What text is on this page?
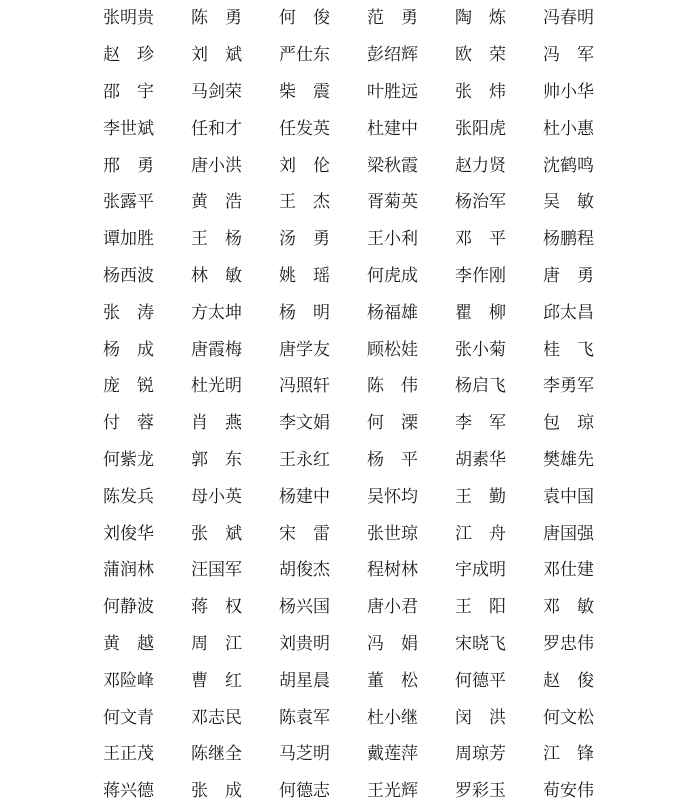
张明贵 陈 勇 何 俊 范 勇 陶 炼 冯春明
赵 珍 刘 斌 严仕东 彭绍辉 欧 荣 冯 军
邵 宇 马剑荣 柴 震 叶胜远 张 炜 帅小华
李世斌 任和才 任发英 杜建中 张阳虎 杜小惠
邢 勇 唐小洪 刘 伦 梁秋霞 赵力贤 沈鹤鸣
张露平 黄 浩 王 杰 胥菊英 杨治军 吴 敏
谭加胜 王 杨 汤 勇 王小利 邓 平 杨鹏程
杨西波 林 敏 姚 瑶 何虎成 李作刚 唐 勇
张 涛 方太坤 杨 明 杨福雄 瞿 柳 邱太昌
杨 成 唐霞梅 唐学友 顾松娃 张小菊 桂 飞
庞 锐 杜光明 冯照轩 陈 伟 杨启飞 李勇军
付 蓉 肖 燕 李文娟 何 溧 李 军 包 琼
何紫龙 郭 东 王永红 杨 平 胡素华 樊雄先
陈发兵 母小英 杨建中 吴怀均 王 勤 袁中国
刘俊华 张 斌 宋 雷 张世琼 江 舟 唐国强
蒲润林 汪国军 胡俊杰 程树林 宇成明 邓仕建
何静波 蒋 权 杨兴国 唐小君 王 阳 邓 敏
黄 越 周 江 刘贵明 冯 娟 宋晓飞 罗忠伟
邓险峰 曹 红 胡星晨 董 松 何德平 赵 俊
何文青 邓志民 陈袁军 杜小继 闵 洪 何文松
王正茂 陈继全 马芝明 戴莲萍 周琼芳 江 锋
蒋兴德 张 成 何德志 王光辉 罗彩玉 荀安伟
